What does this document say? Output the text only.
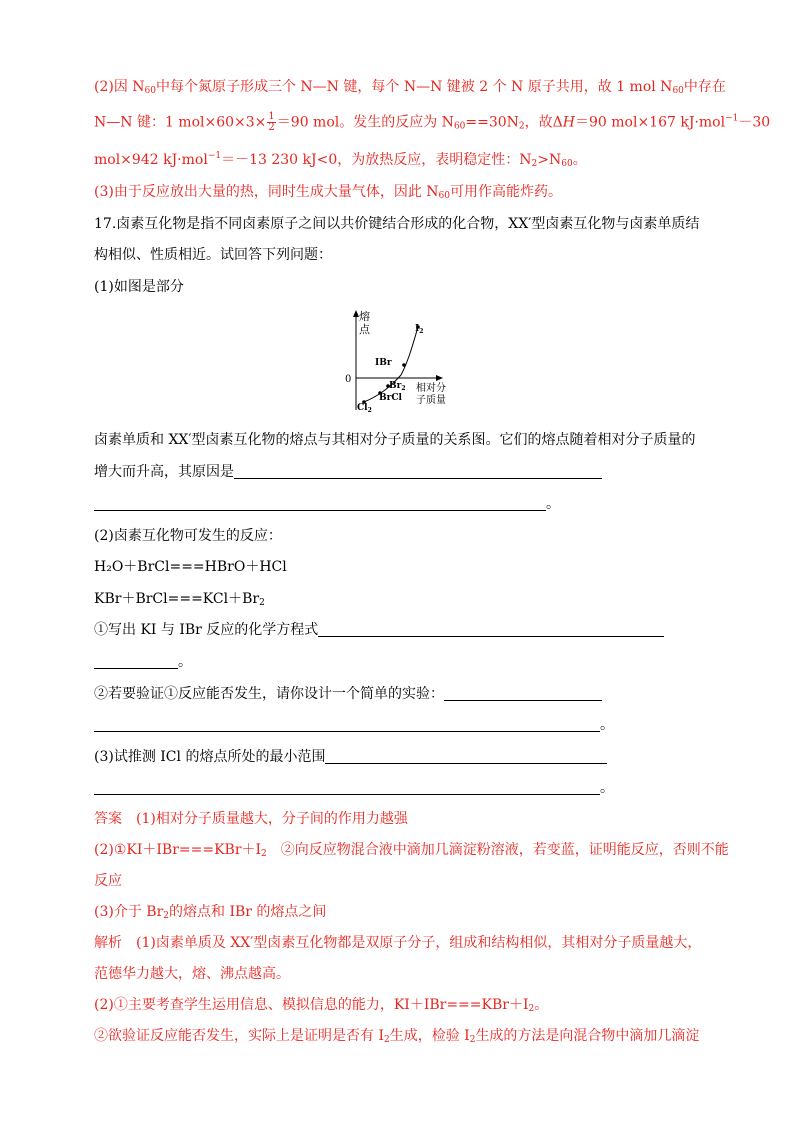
(2)因 $N_{60}$中每个氮原子形成三个 N—N 键，每个 N—N 键被 2 个 N 原子共用，故 1 mol $N_{60}$中存在
N—N 键：1 $mol\times 60\times 3\times \frac{1}{2} =90$ mol。发生的反应为 $N_{60}==30N_2$，故ΔH＝90 mol×167 kJ·mol$^{-1}$－30
mol×942 kJ·mol$^{-1}$＝－13 230 kJ<0，为放热反应，表明稳定性：$N_2>N_{60}$。
(3)由于反应放出大量的热，同时生成大量气体，因此 $N_{60}$可用作高能炸药。
17.卤素互化物是指不同卤素原子之间以共价键结合形成的化合物，XX′型卤素互化物与卤素单质结
构相似、性质相近。试回答下列问题：
(1)如图是部分
熔
点
0
相对分
子质量
$I_2$
IBr
$Br_2$
BrCl
$Cl_2$
卤素单质和 XX′型卤素互化物的熔点与其相对分子质量的关系图。它们的熔点随着相对分子质量的
增大而升高，其原因是
。
(2)卤素互化物可发生的反应：
H₂O＋BrCl===HBrO＋HCl
$KBr+BrCl===KCl+Br_2$
①写出 KI 与 IBr 反应的化学方程式
。
②若要验证①反应能否发生，请你设计一个简单的实验：
。
(3)试推测 ICl 的熔点所处的最小范围
。
答案　(1)相对分子质量越大，分子间的作用力越强
$(2)①KI+IBr===KBr+I_2$　②向反应物混合液中滴加几滴淀粉溶液，若变蓝，证明能反应，否则不能
反应
(3)介于 $Br_2$的熔点和 IBr 的熔点之间
解析　(1)卤素单质及 XX′型卤素互化物都是双原子分子，组成和结构相似，其相对分子质量越大，
范德华力越大，熔、沸点越高。
(2)①主要考查学生运用信息、模拟信息的能力，$KI+IBr===KBr+I_2$。
②欲验证反应能否发生，实际上是证明是否有 $I_2$生成，检验 $I_2$生成的方法是向混合物中滴加几滴淀
